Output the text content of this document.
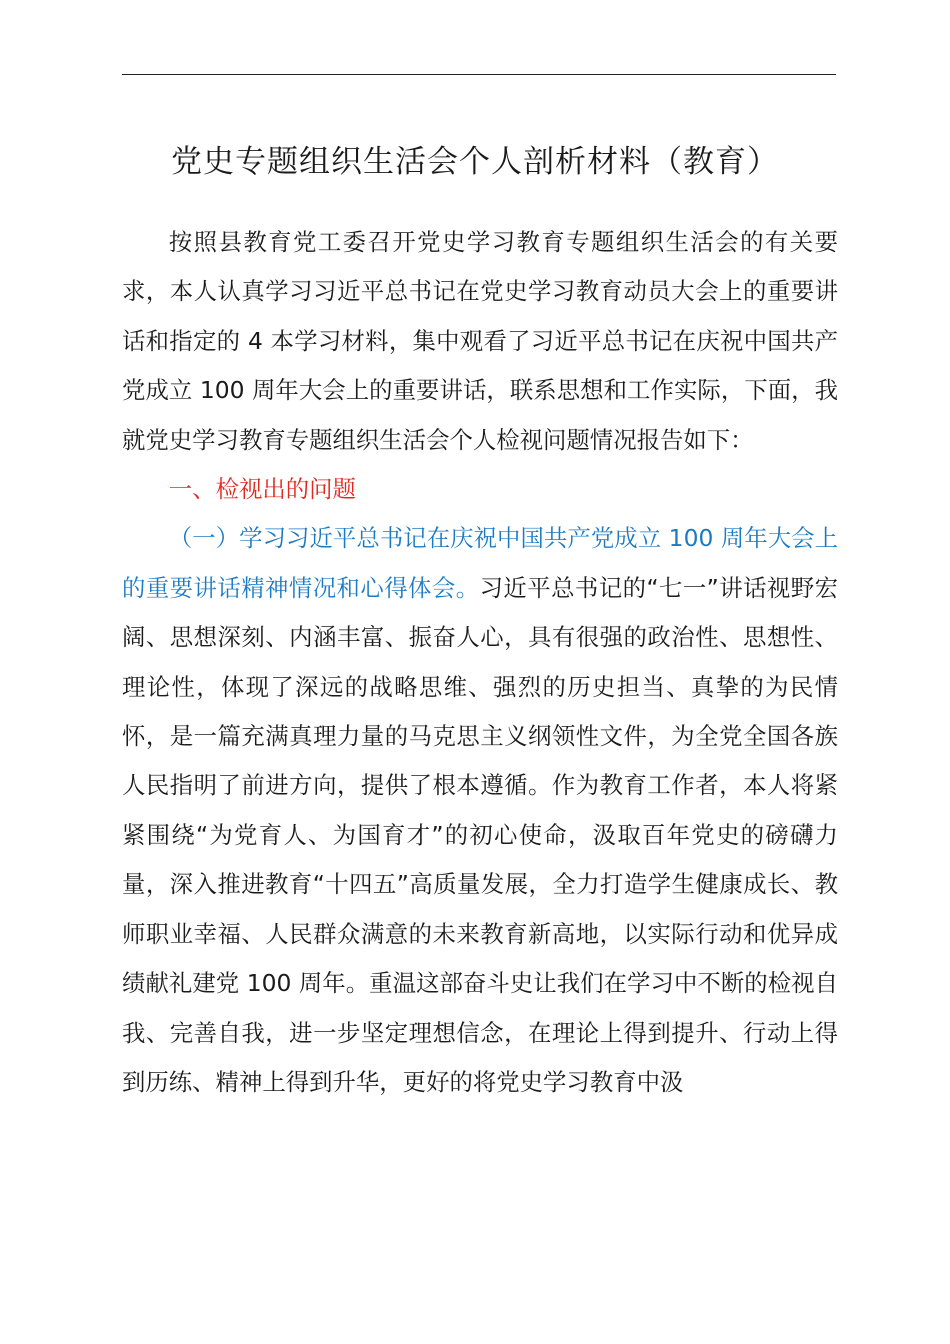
党史专题组织生活会个人剖析材料（教育）

按照县教育党工委召开党史学习教育专题组织生活会的有关要求，本人认真学习习近平总书记在党史学习教育动员大会上的重要讲话和指定的 4 本学习材料，集中观看了习近平总书记在庆祝中国共产党成立 100 周年大会上的重要讲话，联系思想和工作实际，下面，我就党史学习教育专题组织生活会个人检视问题情况报告如下：

一、检视出的问题

（一）学习习近平总书记在庆祝中国共产党成立 100 周年大会上的重要讲话精神情况和心得体会。习近平总书记的“七一”讲话视野宏阔、思想深刻、内涵丰富、振奋人心，具有很强的政治性、思想性、理论性，体现了深远的战略思维、强烈的历史担当、真挚的为民情怀，是一篇充满真理力量的马克思主义纲领性文件，为全党全国各族人民指明了前进方向，提供了根本遵循。作为教育工作者，本人将紧紧围绕“为党育人、为国育才”的初心使命，汲取百年党史的磅礴力量，深入推进教育“十四五”高质量发展，全力打造学生健康成长、教师职业幸福、人民群众满意的未来教育新高地，以实际行动和优异成绩献礼建党 100 周年。重温这部奋斗史让我们在学习中不断的检视自我、完善自我，进一步坚定理想信念，在理论上得到提升、行动上得到历练、精神上得到升华，更好的将党史学习教育中汲
